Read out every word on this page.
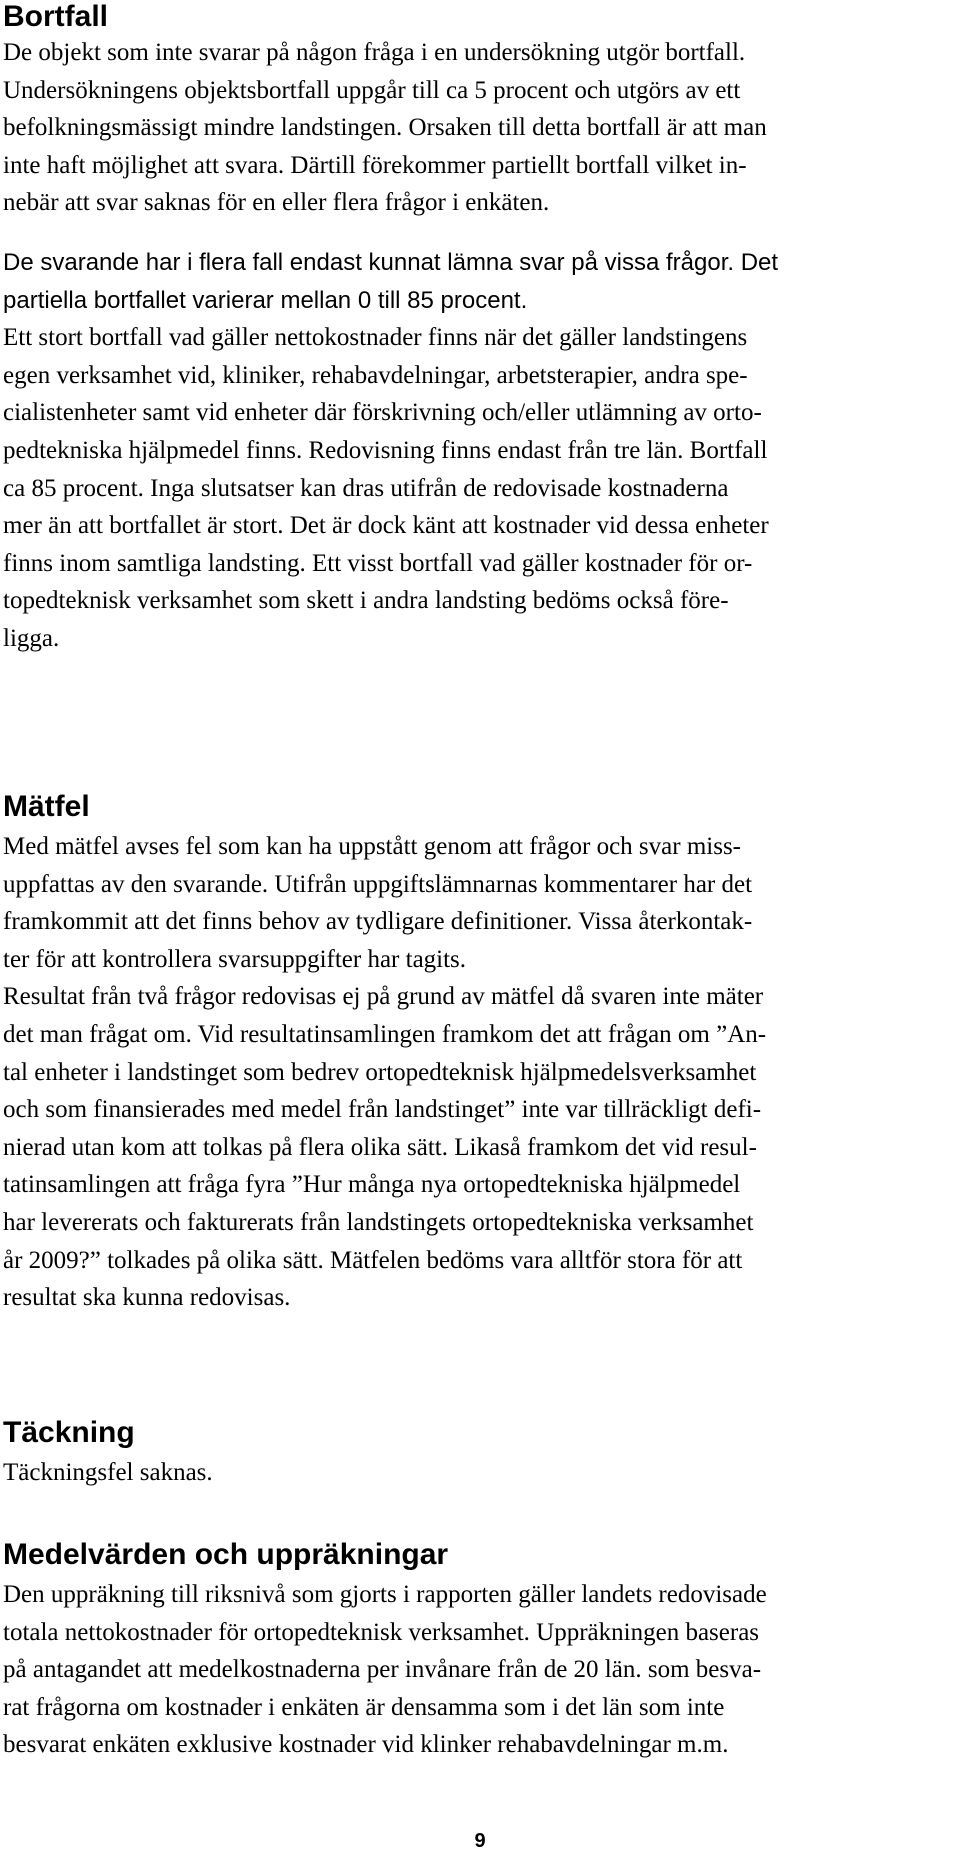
Bortfall
De objekt som inte svarar på någon fråga i en undersökning utgör bortfall.
Undersökningens objektsbortfall uppgår till ca 5 procent och utgörs av ett
befolkningsmässigt mindre landstingen. Orsaken till detta bortfall är att man
inte haft möjlighet att svara. Därtill förekommer partiellt bortfall vilket in-
nebär att svar saknas för en eller flera frågor i enkäten.
De svarande har i flera fall endast kunnat lämna svar på vissa frågor. Det
partiella bortfallet varierar mellan 0 till 85 procent.
Ett stort bortfall vad gäller nettokostnader finns när det gäller landstingens
egen verksamhet vid, kliniker, rehabavdelningar, arbetsterapier, andra spe-
cialistenheter samt vid enheter där förskrivning och/eller utlämning av orto-
pedtekniska hjälpmedel finns. Redovisning finns endast från tre län. Bortfall
ca 85 procent. Inga slutsatser kan dras utifrån de redovisade kostnaderna
mer än att bortfallet är stort. Det är dock känt att kostnader vid dessa enheter
finns inom samtliga landsting. Ett visst bortfall vad gäller kostnader för or-
topedteknisk verksamhet som skett i andra landsting bedöms också före-
ligga.
Mätfel
Med mätfel avses fel som kan ha uppstått genom att frågor och svar miss-
uppfattas av den svarande. Utifrån uppgiftslämnarnas kommentarer har det
framkommit att det finns behov av tydligare definitioner. Vissa återkontak-
ter för att kontrollera svarsuppgifter har tagits.
Resultat från två frågor redovisas ej på grund av mätfel då svaren inte mäter
det man frågat om. Vid resultatinsamlingen framkom det att frågan om ”An-
tal enheter i landstinget som bedrev ortopedteknisk hjälpmedelsverksamhet
och som finansierades med medel från landstinget” inte var tillräckligt defi-
nierad utan kom att tolkas på flera olika sätt. Likaså framkom det vid resul-
tatinsamlingen att fråga fyra ”Hur många nya ortopedtekniska hjälpmedel
har levererats och fakturerats från landstingets ortopedtekniska verksamhet
år 2009?” tolkades på olika sätt. Mätfelen bedöms vara alltför stora för att
resultat ska kunna redovisas.
Täckning
Täckningsfel saknas.
Medelvärden och uppräkningar
Den uppräkning till riksnivå som gjorts i rapporten gäller landets redovisade
totala nettokostnader för ortopedteknisk verksamhet. Uppräkningen baseras
på antagandet att medelkostnaderna per invånare från de 20 län. som besva-
rat frågorna om kostnader i enkäten är densamma som i det län som inte
besvarat enkäten exklusive kostnader vid klinker rehabavdelningar m.m.
9
